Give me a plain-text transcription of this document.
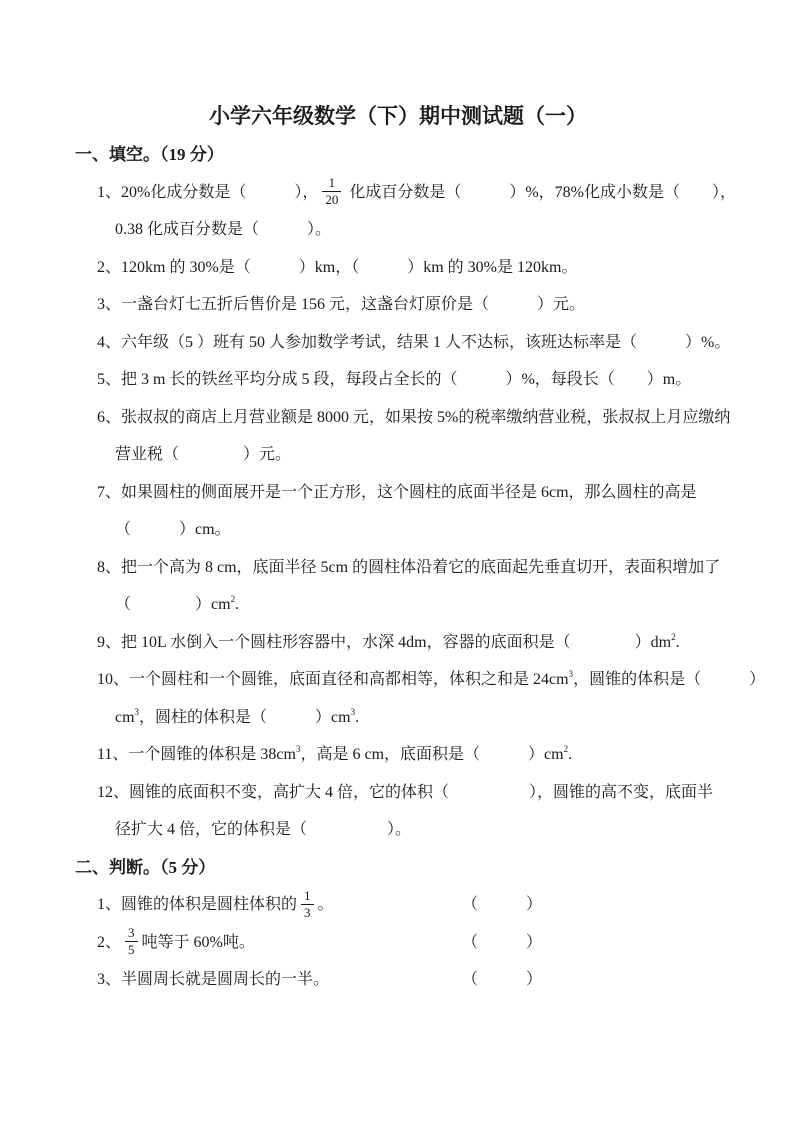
小学六年级数学（下）期中测试题（一）
一、填空。（19 分）
1、20%化成分数是（　　　）， $\frac{1}{20}$ 化成百分数是（　　　）%，78%化成小数是（　　），
0.38 化成百分数是（　　　）。
2、120km 的 30%是（　　　）km，（　　　）km 的 30%是 120km。
3、一盏台灯七五折后售价是 156 元，这盏台灯原价是（　　　）元。
4、六年级（5 ）班有 50 人参加数学考试，结果 1 人不达标，该班达标率是（　　　）%。
5、把 3 m 长的铁丝平均分成 5 段，每段占全长的（　　　）%，每段长（　　）m。
6、张叔叔的商店上月营业额是 8000 元，如果按 5%的税率缴纳营业税，张叔叔上月应缴纳
营业税（　　　　）元。
7、如果圆柱的侧面展开是一个正方形，这个圆柱的底面半径是 6cm，那么圆柱的高是
（　　　）cm。
8、把一个高为 8 cm，底面半径 5cm 的圆柱体沿着它的底面起先垂直切开，表面积增加了
（　　　　）$cm^2$.
9、把 10L 水倒入一个圆柱形容器中，水深 4dm，容器的底面积是（　　　　）$dm^2$.
10、一个圆柱和一个圆锥，底面直径和高都相等，体积之和是 $24cm^3$，圆锥的体积是（　　　）
$cm^3$，圆柱的体积是（　　　）$cm^3$.
11、一个圆锥的体积是 $38cm^3$，高是 6 cm，底面积是（　　　）$cm^2$.
12、圆锥的底面积不变，高扩大 4 倍，它的体积（　　　　　），圆锥的高不变，底面半
径扩大 4 倍，它的体积是（　　　　　）。
二、判断。（5 分）
1、圆锥的体积是圆柱体积的 $\frac{1}{3}$ 。	（　　　）
2、 $\frac{3}{5}$ 吨等于 60%吨。	（　　　）
3、半圆周长就是圆周长的一半。	（　　　）
